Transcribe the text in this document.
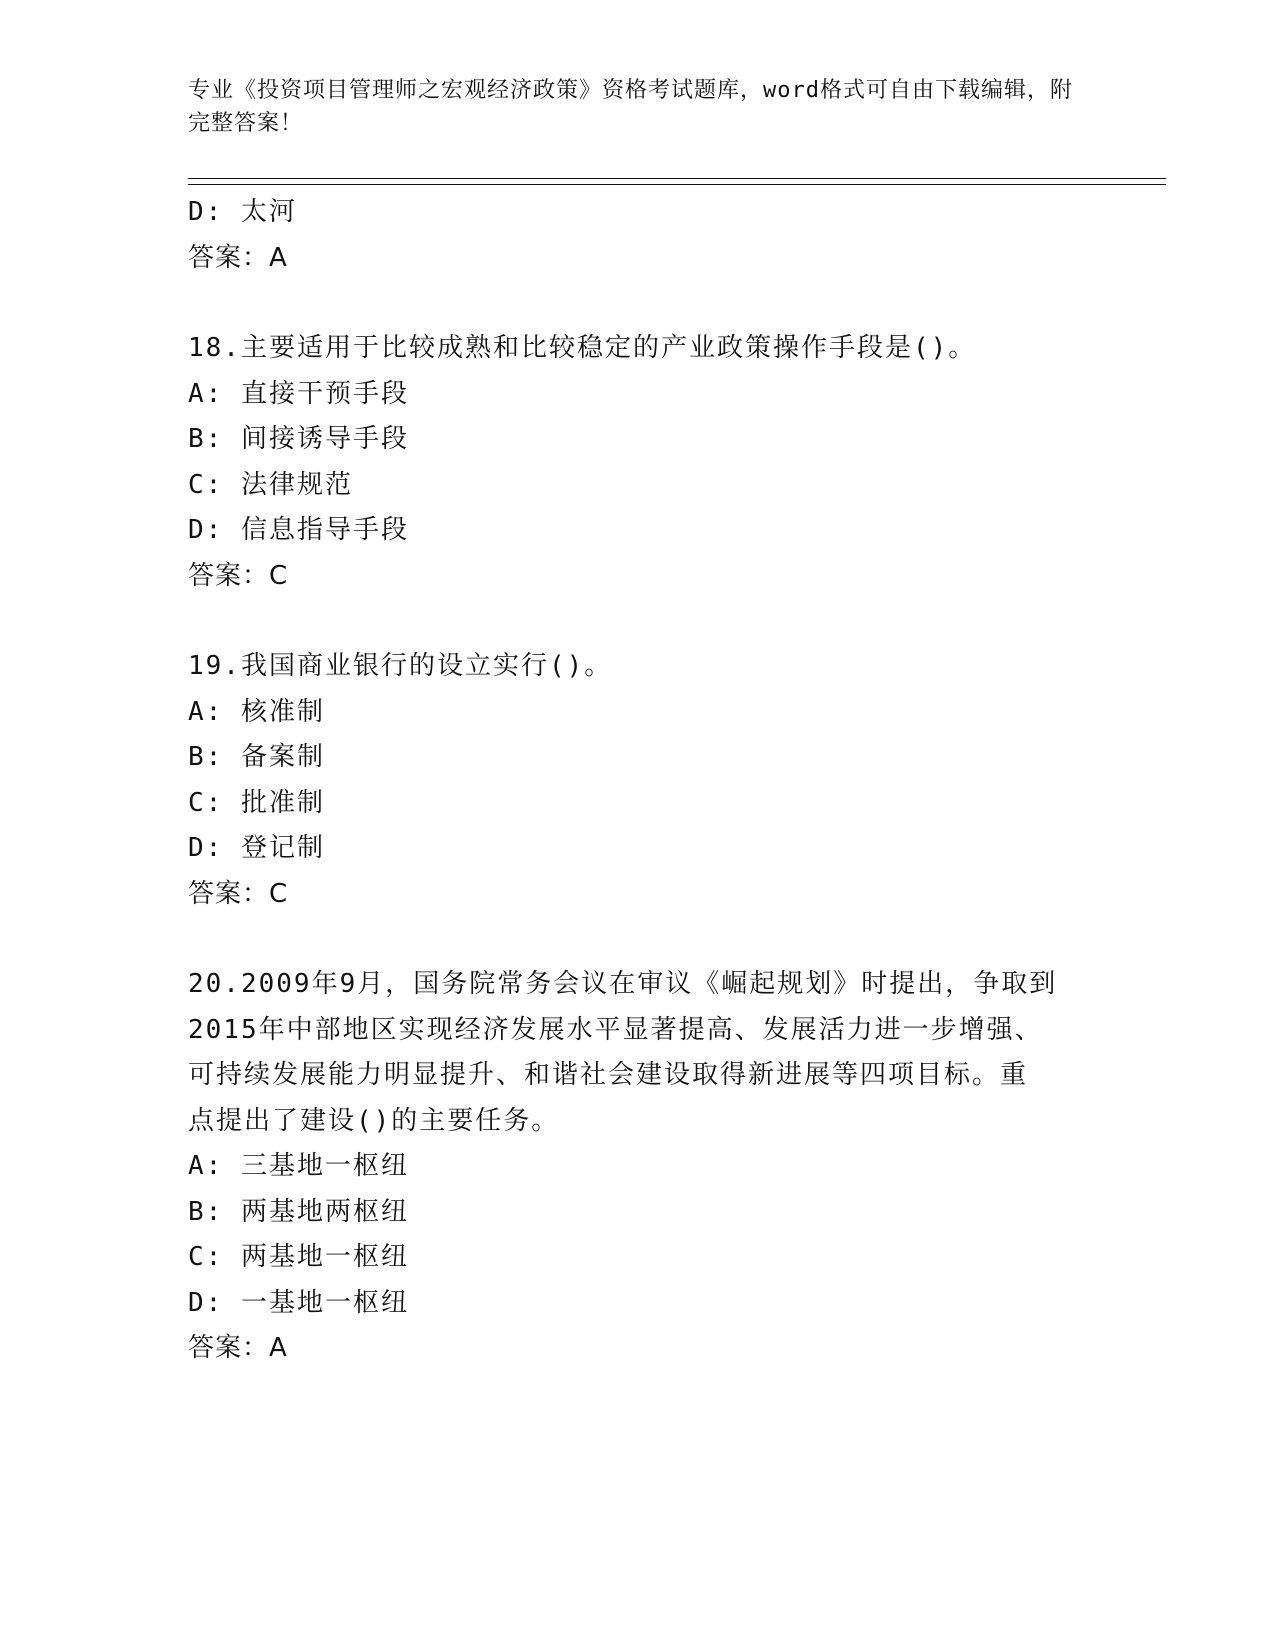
专业《投资项目管理师之宏观经济政策》资格考试题库，word格式可自由下载编辑，附完整答案！
D: 太河
答案：A
18.主要适用于比较成熟和比较稳定的产业政策操作手段是()。
A: 直接干预手段
B: 间接诱导手段
C: 法律规范
D: 信息指导手段
答案：C
19.我国商业银行的设立实行()。
A: 核准制
B: 备案制
C: 批准制
D: 登记制
答案：C
20.2009年9月，国务院常务会议在审议《崛起规划》时提出，争取到
2015年中部地区实现经济发展水平显著提高、发展活力进一步增强、
可持续发展能力明显提升、和谐社会建设取得新进展等四项目标。重
点提出了建设()的主要任务。
A: 三基地一枢纽
B: 两基地两枢纽
C: 两基地一枢纽
D: 一基地一枢纽
答案：A
